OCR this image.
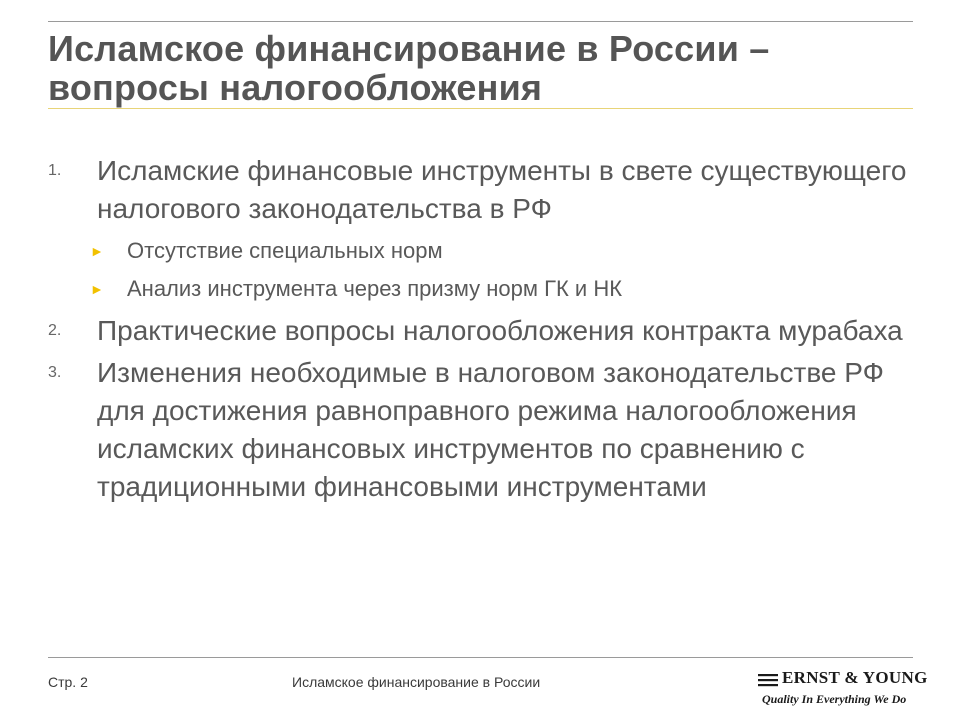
Исламское финансирование в России –
вопросы налогообложения
1. Исламские финансовые инструменты в свете существующего налогового законодательства в РФ
► Отсутствие специальных норм
► Анализ инструмента через призму норм ГК и НК
2. Практические вопросы налогообложения контракта мурабаха
3. Изменения необходимые в налоговом законодательстве РФ для достижения равноправного режима налогообложения исламских финансовых инструментов по сравнению с традиционными финансовыми инструментами
Стр. 2	Исламское финансирование в России	ERNST & YOUNG
Quality In Everything We Do
